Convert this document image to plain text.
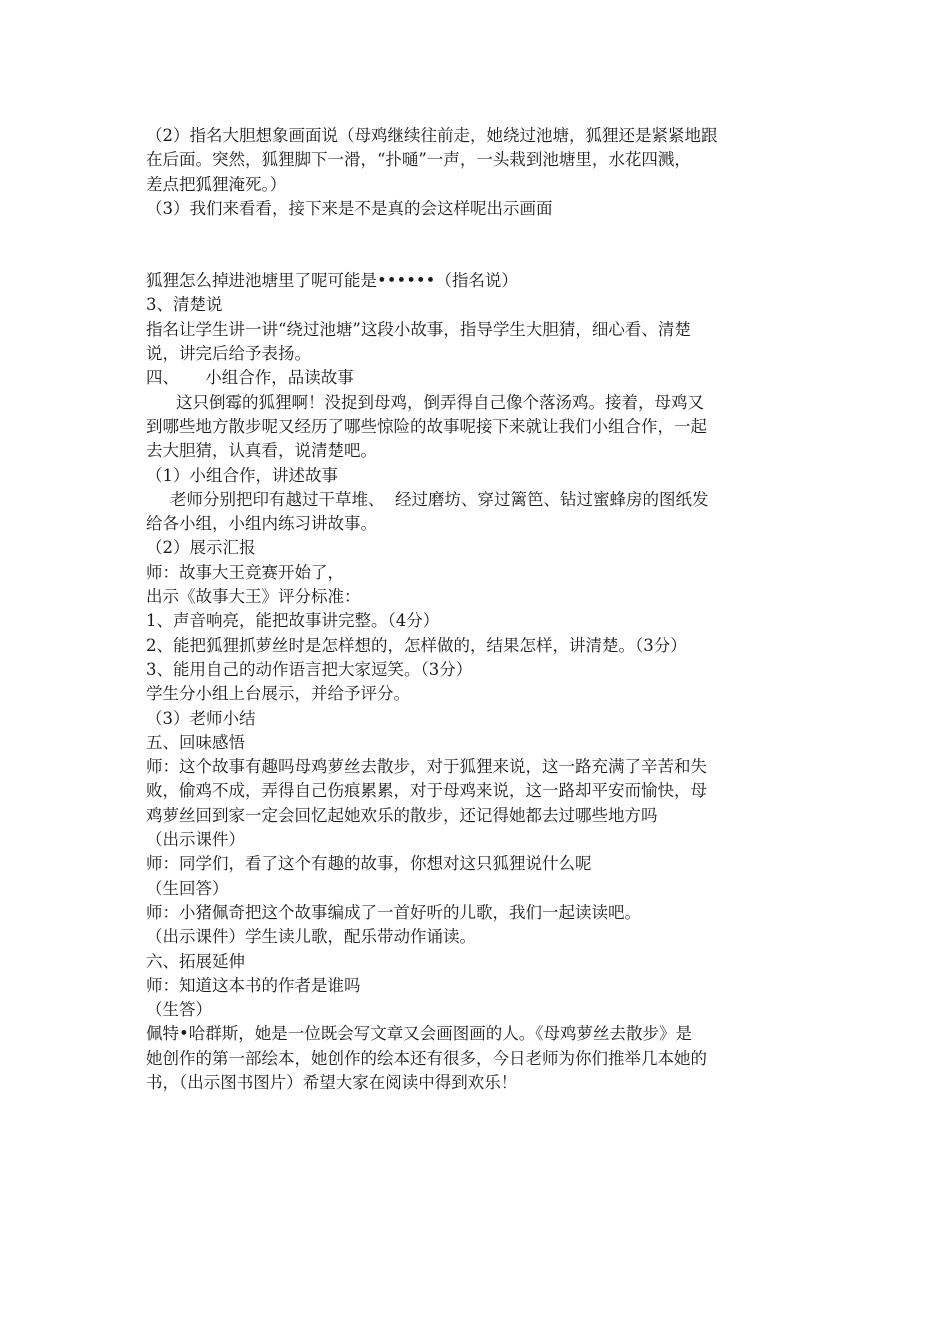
（2）指名大胆想象画面说（母鸡继续往前走，她绕过池塘，狐狸还是紧紧地跟

在后面。突然，狐狸脚下一滑，“扑嗵”一声，一头栽到池塘里，水花四溅，

差点把狐狸淹死。）

（3）我们来看看，接下来是不是真的会这样呢出示画面

狐狸怎么掉进池塘里了呢可能是••••••（指名说）

3、清楚说

指名让学生讲一讲“绕过池塘”这段小故事，指导学生大胆猜，细心看、清楚

说，讲完后给予表扬。

四、     小组合作，品读故事

这只倒霉的狐狸啊！没捉到母鸡，倒弄得自己像个落汤鸡。接着，母鸡又

到哪些地方散步呢又经历了哪些惊险的故事呢接下来就让我们小组合作，一起

去大胆猜，认真看，说清楚吧。

（1）小组合作，讲述故事

老师分别把印有越过干草堆、  经过磨坊、穿过篱笆、钻过蜜蜂房的图纸发

给各小组，小组内练习讲故事。

（2）展示汇报

师：故事大王竞赛开始了，

出示《故事大王》评分标准：

1、声音响亮，能把故事讲完整。（4分）

2、能把狐狸抓萝丝时是怎样想的，怎样做的，结果怎样，讲清楚。（3分）

3、能用自己的动作语言把大家逗笑。（3分）

学生分小组上台展示，并给予评分。

（3）老师小结

五、回味感悟

师：这个故事有趣吗母鸡萝丝去散步，对于狐狸来说，这一路充满了辛苦和失

败，偷鸡不成，弄得自己伤痕累累，对于母鸡来说，这一路却平安而愉快，母

鸡萝丝回到家一定会回忆起她欢乐的散步，还记得她都去过哪些地方吗

（出示课件）

师：同学们，看了这个有趣的故事，你想对这只狐狸说什么呢

（生回答）

师：小猪佩奇把这个故事编成了一首好听的儿歌，我们一起读读吧。

（出示课件）学生读儿歌，配乐带动作诵读。

六、拓展延伸

师：知道这本书的作者是谁吗

（生答）

佩特•哈群斯，她是一位既会写文章又会画图画的人。《母鸡萝丝去散步》是

她创作的第一部绘本，她创作的绘本还有很多，今日老师为你们推举几本她的

书，（出示图书图片）希望大家在阅读中得到欢乐！
